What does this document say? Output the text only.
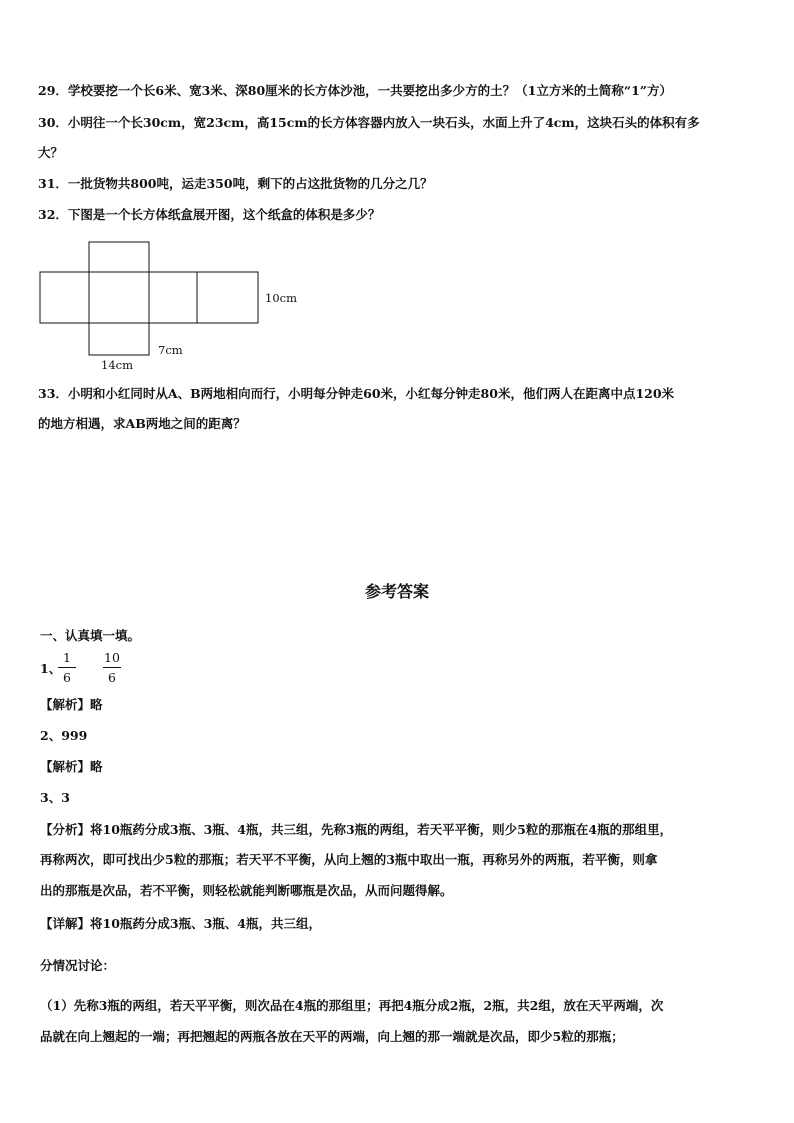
29．学校要挖一个长6米、宽3米、深80厘米的长方体沙池，一共要挖出多少方的土？（1立方米的土简称“1”方）

30．小明往一个长30cm，宽23cm，高15cm的长方体容器内放入一块石头，水面上升了4cm，这块石头的体积有多

大？

31．一批货物共800吨，运走350吨，剩下的占这批货物的几分之几？

32．下图是一个长方体纸盒展开图，这个纸盒的体积是多少？

10cm
7cm
14cm

33．小明和小红同时从A、B两地相向而行，小明每分钟走60米，小红每分钟走80米，他们两人在距离中点120米

的地方相遇，求AB两地之间的距离？

参考答案

一、认真填一填。

1、

1
6
10
6

【解析】略

2、999

【解析】略

3、3

【分析】将10瓶药分成3瓶、3瓶、4瓶，共三组，先称3瓶的两组，若天平平衡，则少5粒的那瓶在4瓶的那组里，

再称两次，即可找出少5粒的那瓶；若天平不平衡，从向上翘的3瓶中取出一瓶，再称另外的两瓶，若平衡，则拿

出的那瓶是次品，若不平衡，则轻松就能判断哪瓶是次品，从而问题得解。

【详解】将10瓶药分成3瓶、3瓶、4瓶，共三组，

分情况讨论：

（1）先称3瓶的两组，若天平平衡，则次品在4瓶的那组里；再把4瓶分成2瓶，2瓶，共2组，放在天平两端，次

品就在向上翘起的一端；再把翘起的两瓶各放在天平的两端，向上翘的那一端就是次品，即少5粒的那瓶；
